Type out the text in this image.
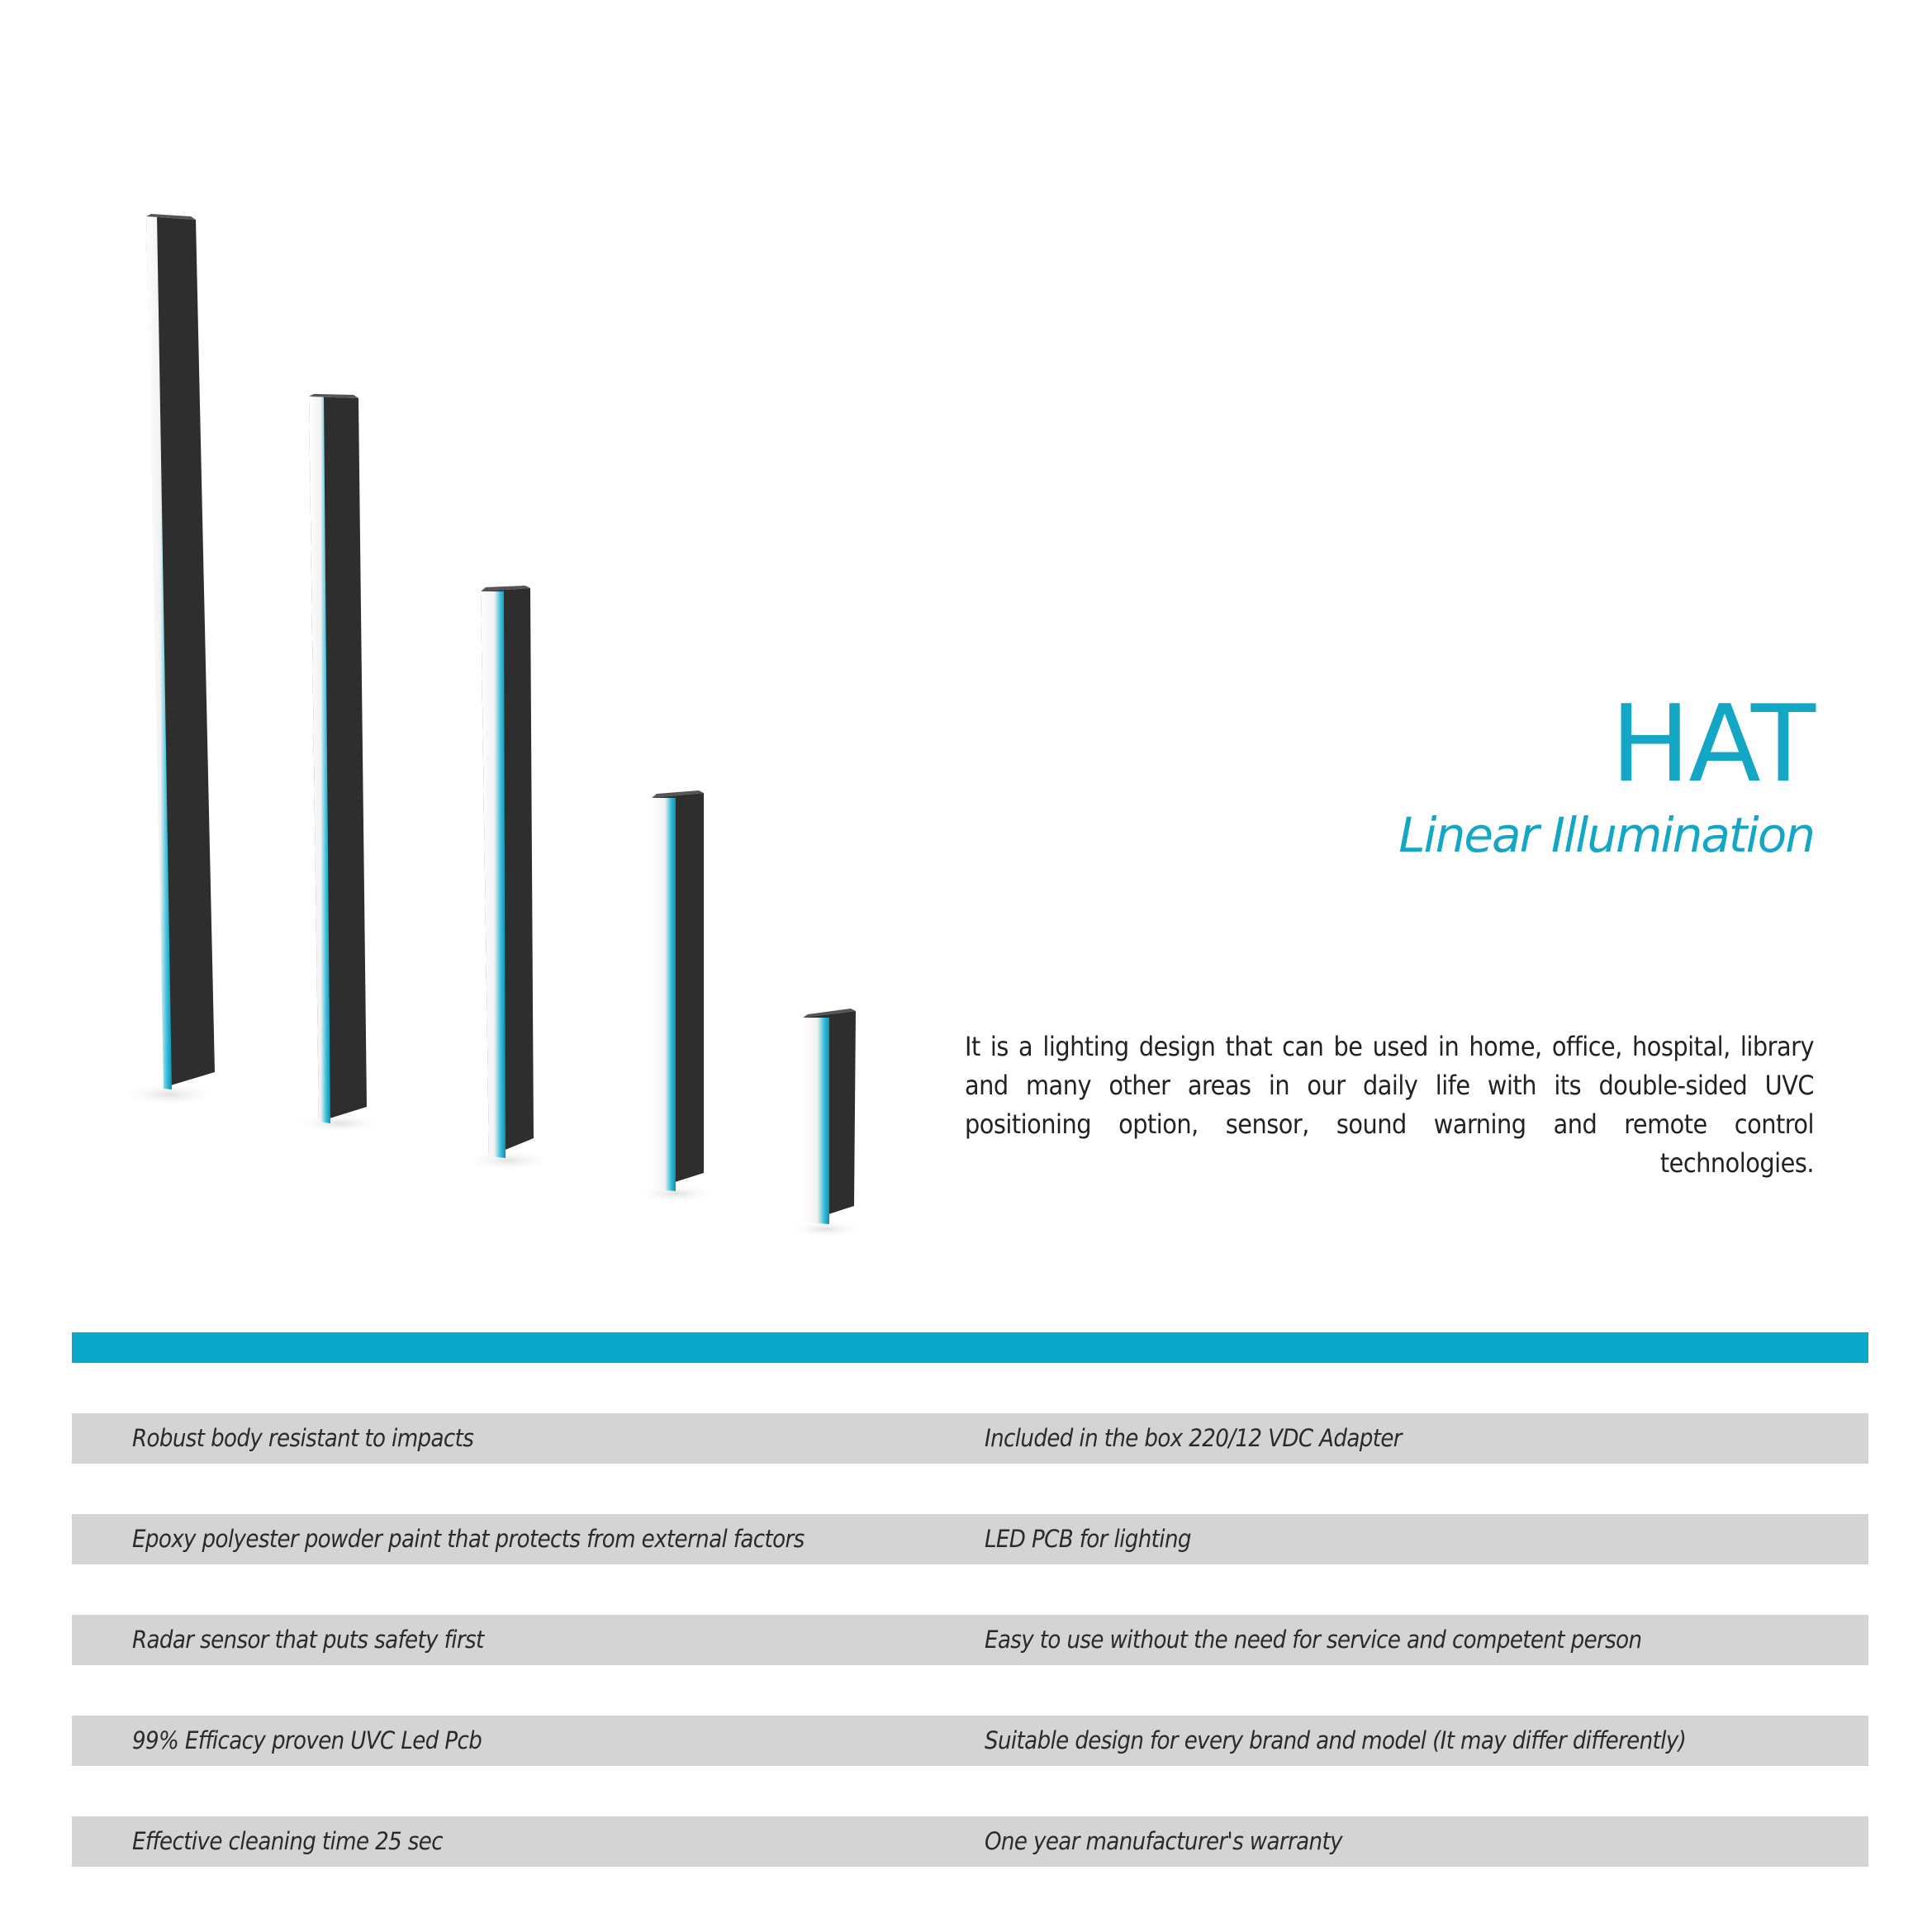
HAT
Linear Illumination

It is a lighting design that can be used in home, office, hospital, library and many other areas in our daily life with its double-sided UVC positioning option, sensor, sound warning and remote control technologies.

Robust body resistant to impacts	Included in the box 220/12 VDC Adapter
Epoxy polyester powder paint that protects from external factors	LED PCB for lighting
Radar sensor that puts safety first	Easy to use without the need for service and competent person
99% Efficacy proven UVC Led Pcb	Suitable design for every brand and model (It may differ differently)
Effective cleaning time 25 sec	One year manufacturer's warranty
